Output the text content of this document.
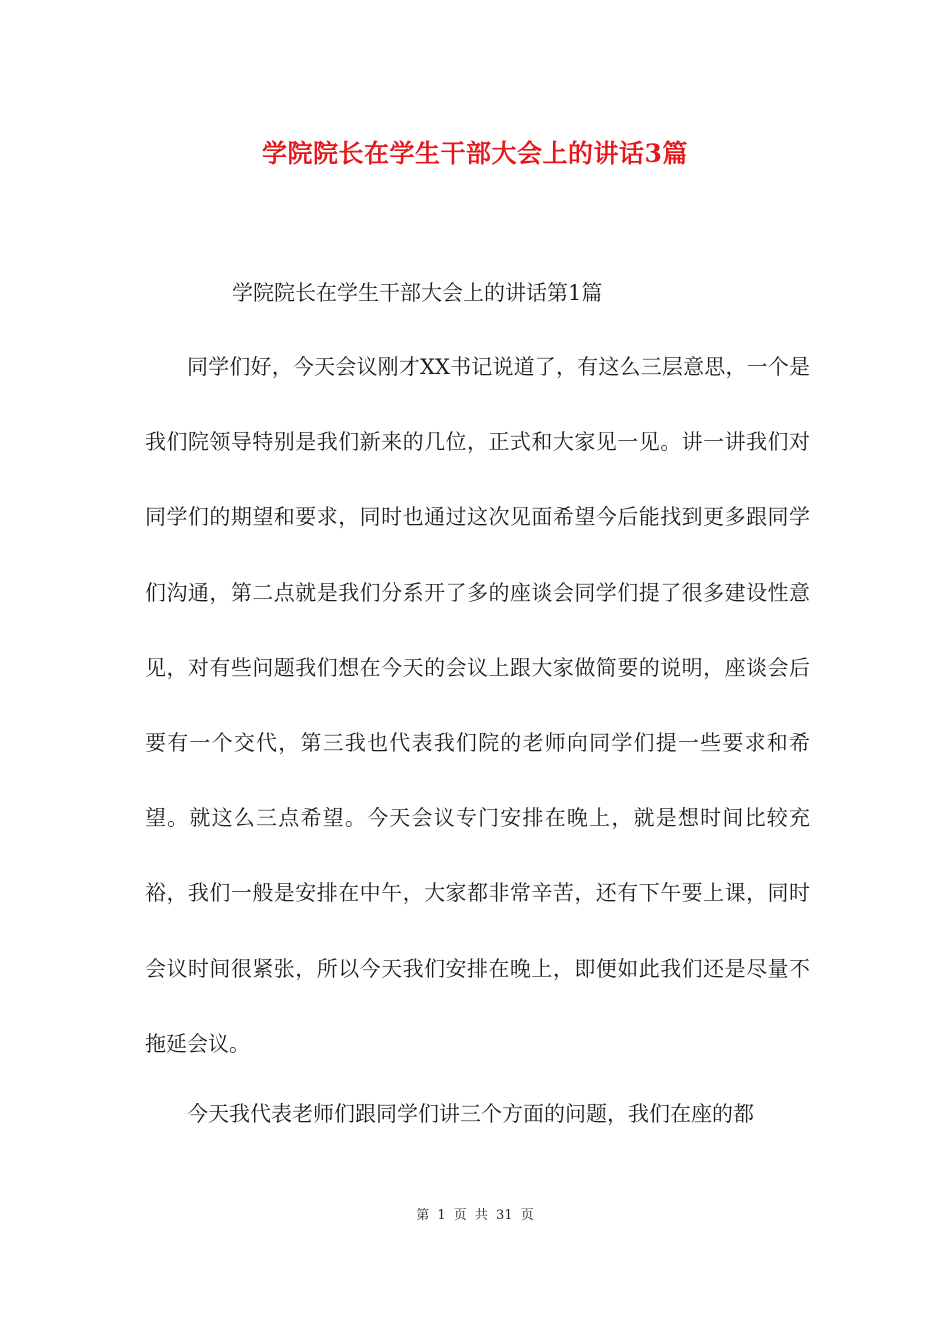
学院院长在学生干部大会上的讲话3篇
学院院长在学生干部大会上的讲话第1篇

同学们好，今天会议刚才XX书记说道了，有这么三层意思，一个是我们院领导特别是我们新来的几位，正式和大家见一见。讲一讲我们对同学们的期望和要求，同时也通过这次见面希望今后能找到更多跟同学们沟通，第二点就是我们分系开了多的座谈会同学们提了很多建设性意见，对有些问题我们想在今天的会议上跟大家做简要的说明，座谈会后要有一个交代，第三我也代表我们院的老师向同学们提一些要求和希望。就这么三点希望。今天会议专门安排在晚上，就是想时间比较充裕，我们一般是安排在中午，大家都非常辛苦，还有下午要上课，同时会议时间很紧张，所以今天我们安排在晚上，即便如此我们还是尽量不拖延会议。

今天我代表老师们跟同学们讲三个方面的问题，我们在座的都

第 1 页 共 31 页
